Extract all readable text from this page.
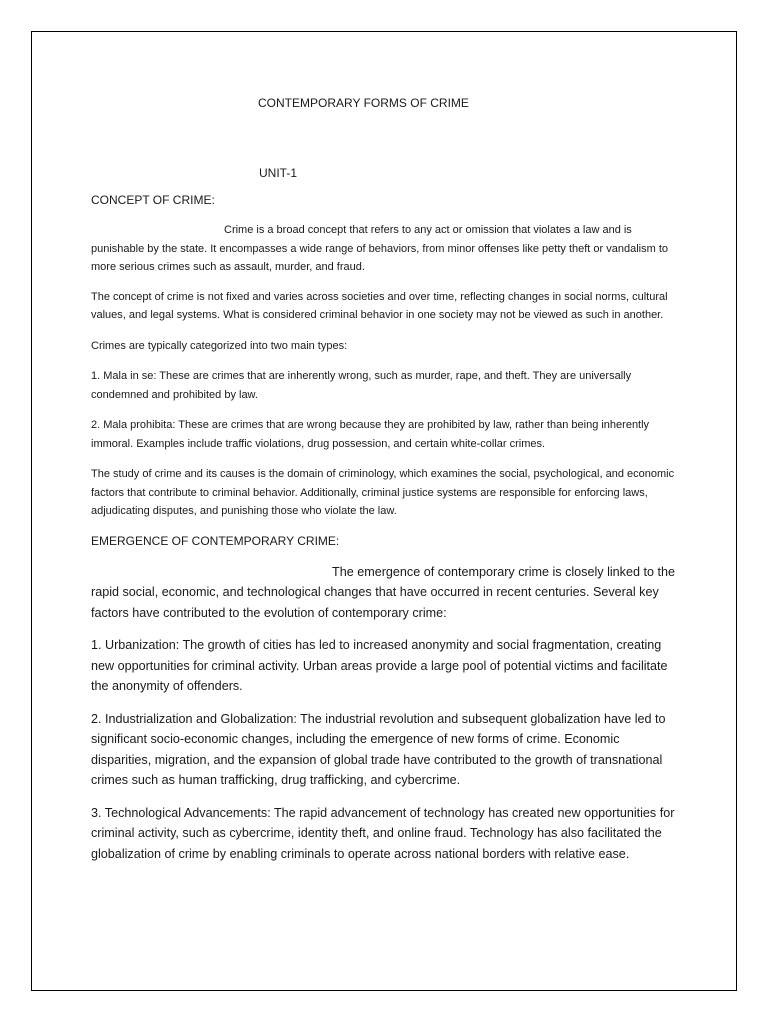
CONTEMPORARY FORMS OF CRIME

UNIT-1

CONCEPT OF CRIME:

Crime is a broad concept that refers to any act or omission that violates a law and is punishable by the state. It encompasses a wide range of behaviors, from minor offenses like petty theft or vandalism to more serious crimes such as assault, murder, and fraud.

The concept of crime is not fixed and varies across societies and over time, reflecting changes in social norms, cultural values, and legal systems. What is considered criminal behavior in one society may not be viewed as such in another.

Crimes are typically categorized into two main types:

1. Mala in se: These are crimes that are inherently wrong, such as murder, rape, and theft. They are universally condemned and prohibited by law.

2. Mala prohibita: These are crimes that are wrong because they are prohibited by law, rather than being inherently immoral. Examples include traffic violations, drug possession, and certain white-collar crimes.

The study of crime and its causes is the domain of criminology, which examines the social, psychological, and economic factors that contribute to criminal behavior. Additionally, criminal justice systems are responsible for enforcing laws, adjudicating disputes, and punishing those who violate the law.

EMERGENCE OF CONTEMPORARY CRIME:

The emergence of contemporary crime is closely linked to the rapid social, economic, and technological changes that have occurred in recent centuries. Several key factors have contributed to the evolution of contemporary crime:

1. Urbanization: The growth of cities has led to increased anonymity and social fragmentation, creating new opportunities for criminal activity. Urban areas provide a large pool of potential victims and facilitate the anonymity of offenders.

2. Industrialization and Globalization: The industrial revolution and subsequent globalization have led to significant socio-economic changes, including the emergence of new forms of crime. Economic disparities, migration, and the expansion of global trade have contributed to the growth of transnational crimes such as human trafficking, drug trafficking, and cybercrime.

3. Technological Advancements: The rapid advancement of technology has created new opportunities for criminal activity, such as cybercrime, identity theft, and online fraud. Technology has also facilitated the globalization of crime by enabling criminals to operate across national borders with relative ease.
